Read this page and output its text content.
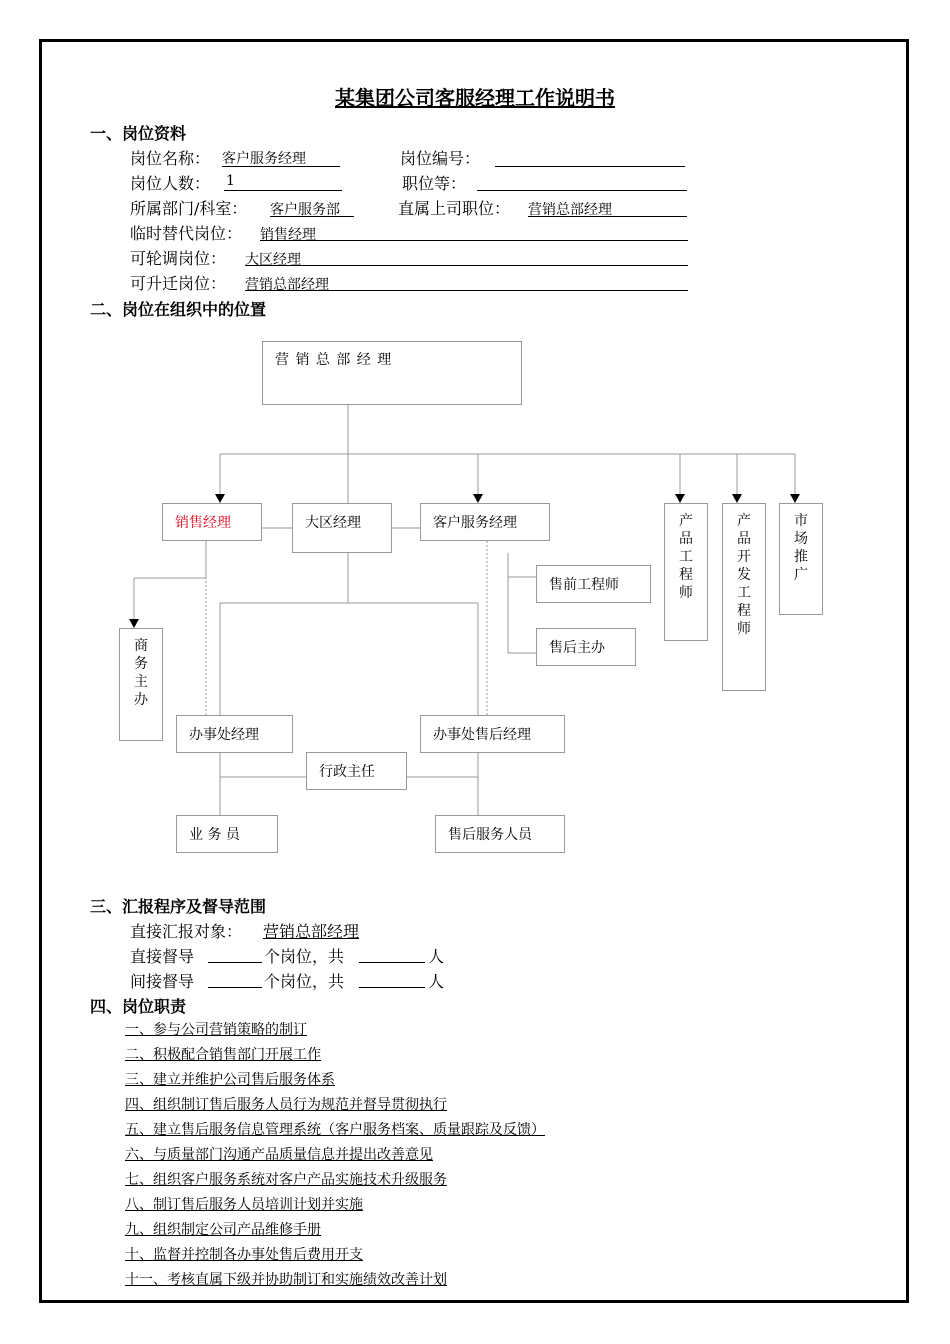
某集团公司客服经理工作说明书
一、岗位资料
岗位名称： 客户服务经理	岗位编号：
岗位人数： 1	职位等：
所属部门/科室： 客户服务部	直属上司职位： 营销总部经理
临时替代岗位： 销售经理
可轮调岗位： 大区经理
可升迁岗位： 营销总部经理
二、岗位在组织中的位置
营 销 总 部 经 理
销售经理	大区经理	客户服务经理
售前工程师
售后主办
产品工程师
产品开发工程师
市场推广
商务主办
办事处经理	办事处售后经理
行政主任
业 务 员	售后服务人员
三、汇报程序及督导范围
直接汇报对象： 营销总部经理
直接督导	个岗位，共	人
间接督导	个岗位，共	人
四、岗位职责
一、参与公司营销策略的制订
二、积极配合销售部门开展工作
三、建立并维护公司售后服务体系
四、组织制订售后服务人员行为规范并督导贯彻执行
五、建立售后服务信息管理系统（客户服务档案、质量跟踪及反馈）
六、与质量部门沟通产品质量信息并提出改善意见
七、组织客户服务系统对客户产品实施技术升级服务
八、制订售后服务人员培训计划并实施
九、组织制定公司产品维修手册
十、监督并控制各办事处售后费用开支
十一、考核直属下级并协助制订和实施绩效改善计划
